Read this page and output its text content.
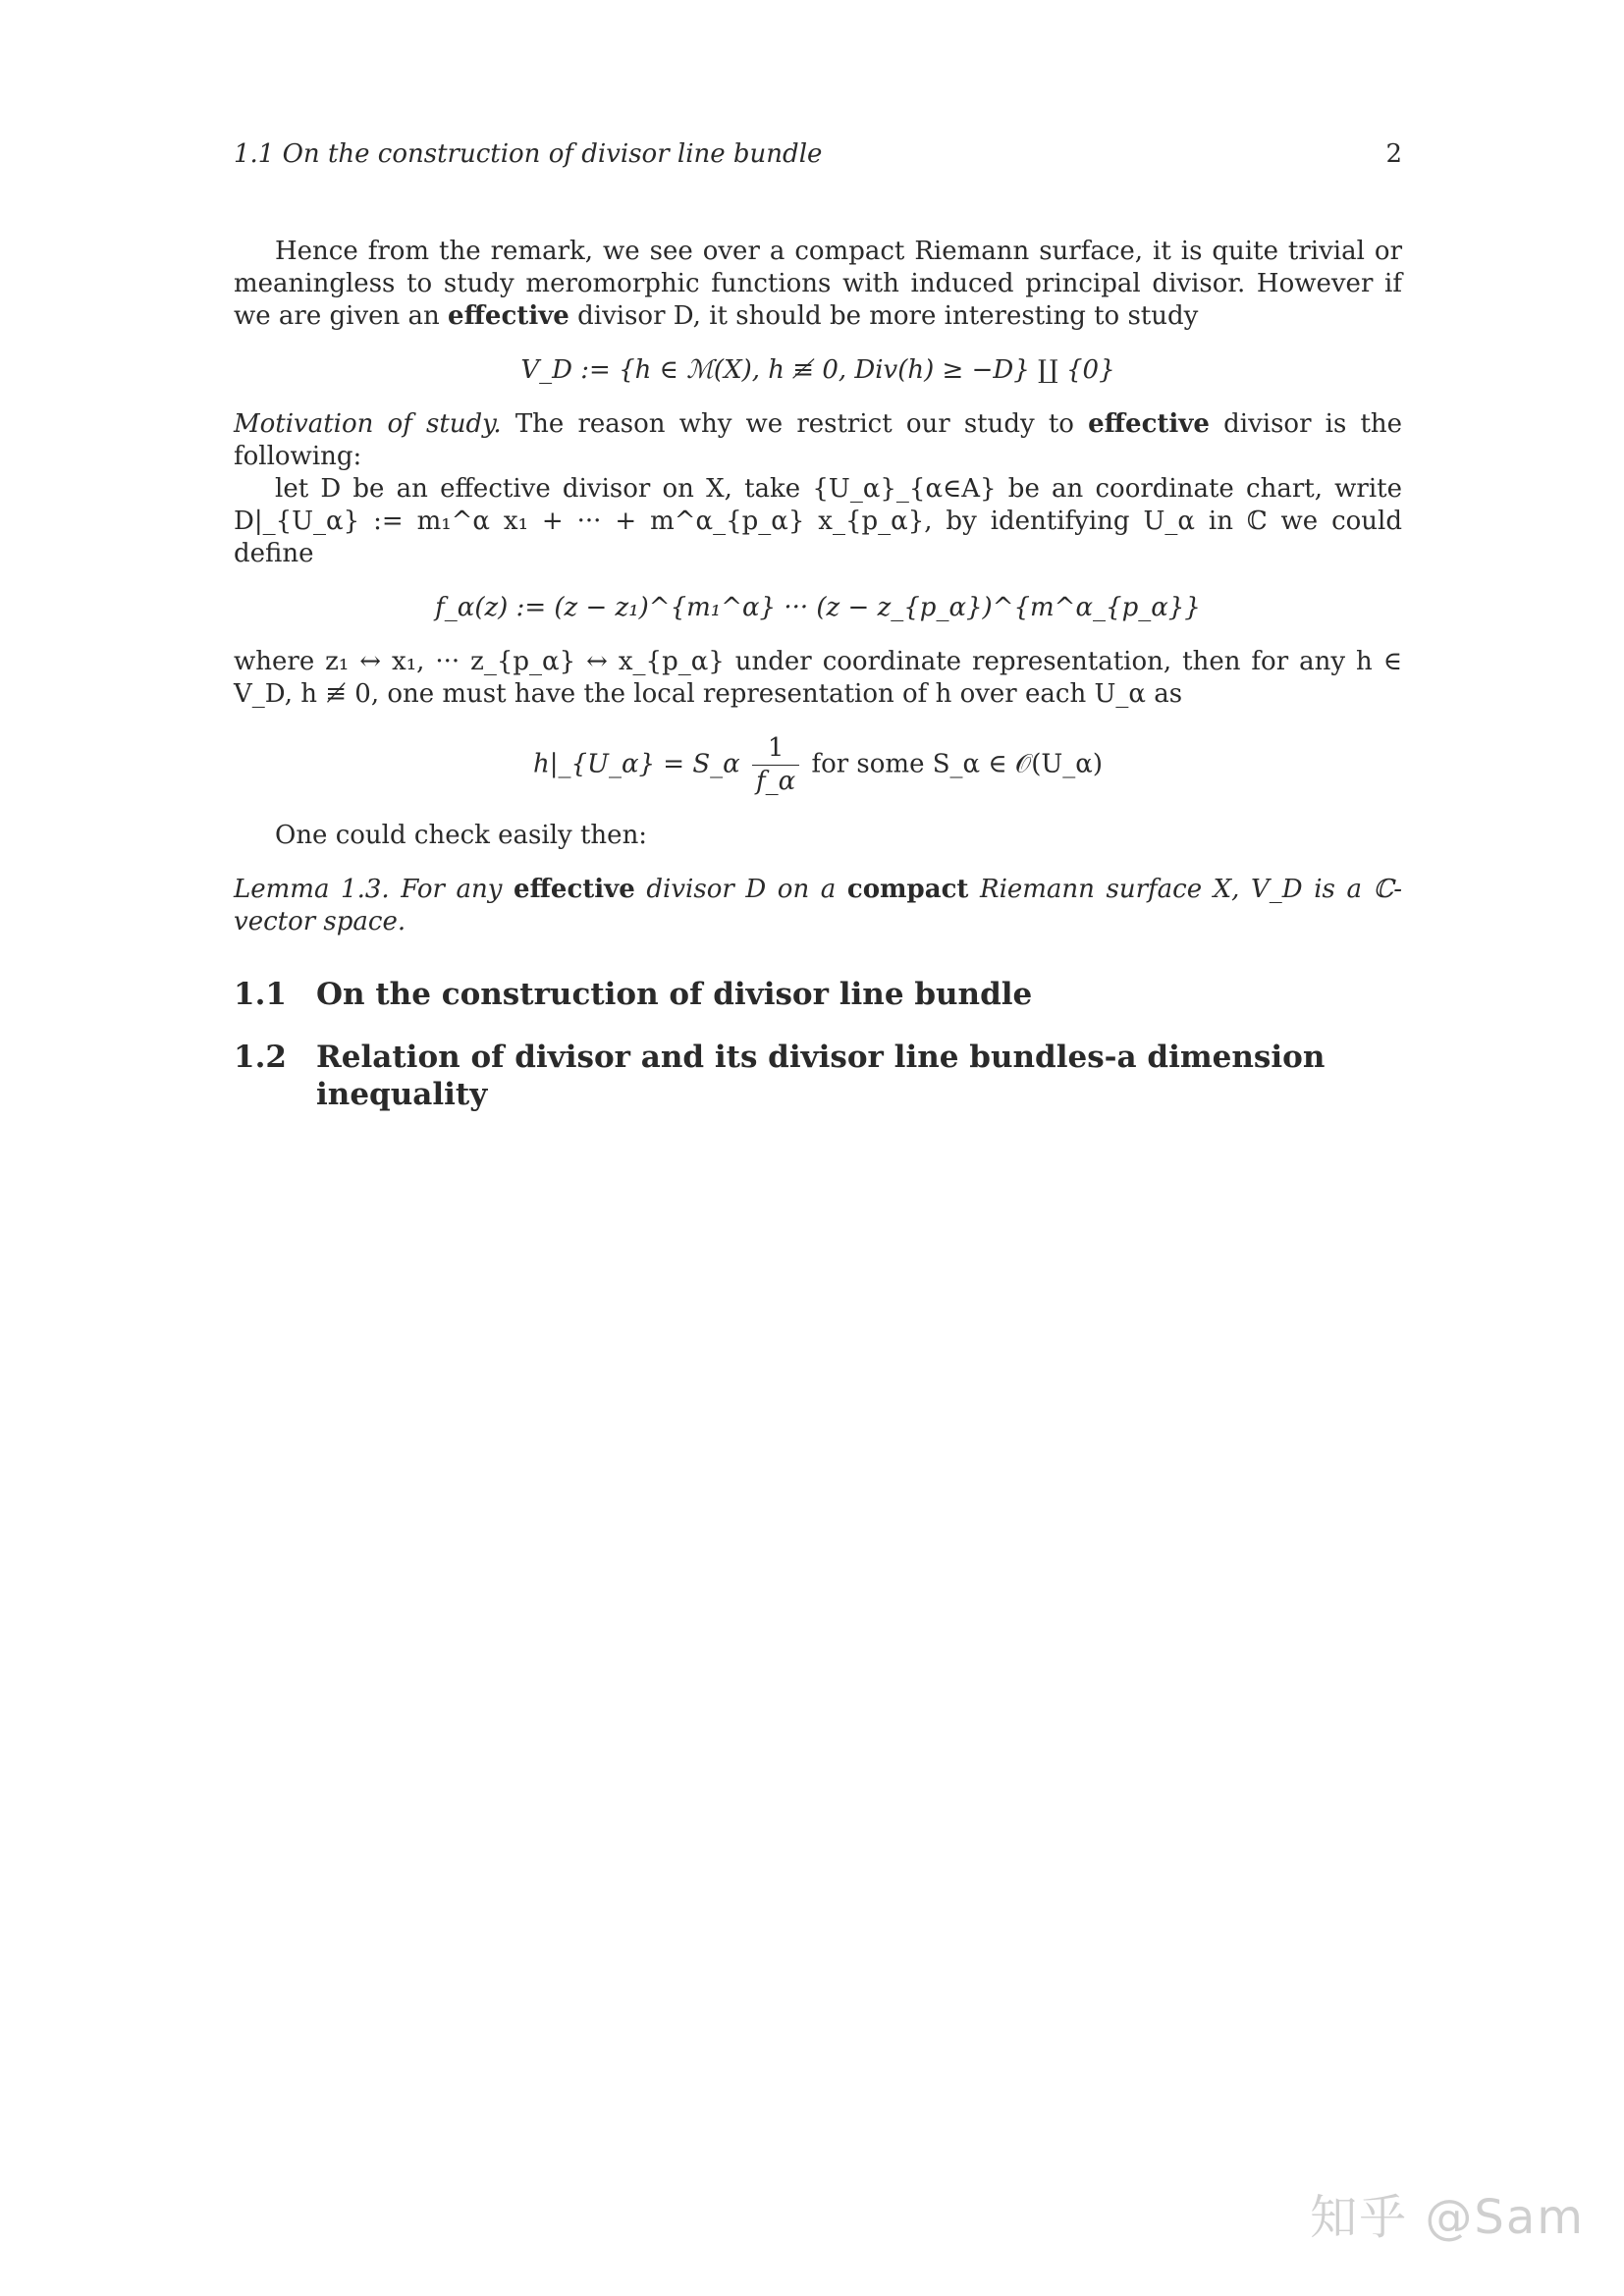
1.1 On the construction of divisor line bundle	2

Hence from the remark, we see over a compact Riemann surface, it is quite trivial or meaningless to study meromorphic functions with induced principal divisor. However if we are given an effective divisor D, it should be more interesting to study

V_D := {h ∈ ℳ(X), h ≢ 0, Div(h) ≥ −D} ∐ {0}

Motivation of study. The reason why we restrict our study to effective divisor is the following:

let D be an effective divisor on X, take {U_α}_{α∈A} be an coordinate chart, write D|_{U_α} := m₁^α x₁ + ··· + m^α_{p_α} x_{p_α}, by identifying U_α in ℂ we could define

f_α(z) := (z − z₁)^{m₁^α} ··· (z − z_{p_α})^{m^α_{p_α}}

where z₁ ↔ x₁, ··· z_{p_α} ↔ x_{p_α} under coordinate representation, then for any h ∈ V_D, h ≢ 0, one must have the local representation of h over each U_α as

h|_{U_α} = S_α $\frac{1}{f\_\alpha}$ for some S_α ∈ 𝒪(U_α)

One could check easily then:

Lemma 1.3. For any effective divisor D on a compact Riemann surface X, V_D is a ℂ-vector space.

1.1 On the construction of divisor line bundle
1.2 Relation of divisor and its divisor line bundles-a dimension inequality
知乎 @Sam
